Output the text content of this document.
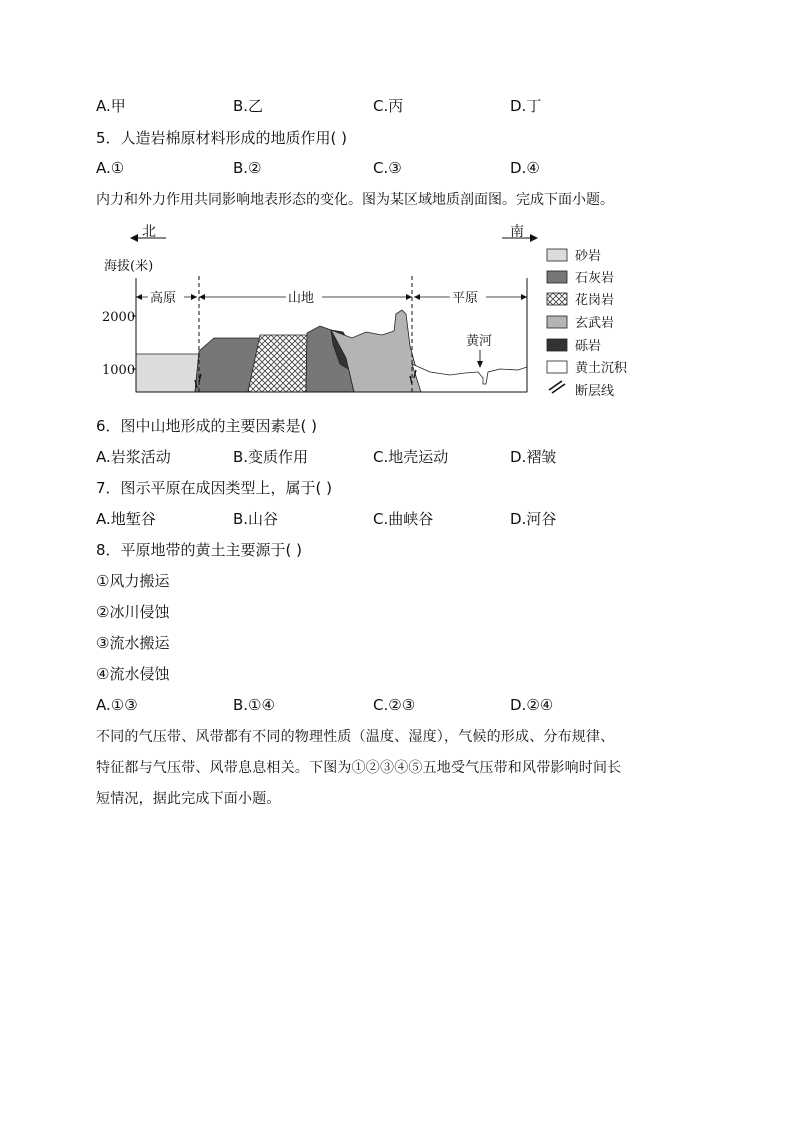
A.甲	B.乙	C.丙	D.丁
5．人造岩棉原材料形成的地质作用( )
A.①	B.②	C.③	D.④
内力和外力作用共同影响地表形态的变化。图为某区域地质剖面图。完成下面小题。
北	南
海拔(米)
高原	山地	平原
2000
1000
黄河
砂岩
石灰岩
花岗岩
玄武岩
砾岩
黄土沉积
断层线
6．图中山地形成的主要因素是( )
A.岩浆活动	B.变质作用	C.地壳运动	D.褶皱
7．图示平原在成因类型上，属于( )
A.地堑谷	B.山谷	C.曲峡谷	D.河谷
8．平原地带的黄土主要源于( )
①风力搬运
②冰川侵蚀
③流水搬运
④流水侵蚀
A.①③	B.①④	C.②③	D.②④
不同的气压带、风带都有不同的物理性质（温度、湿度），气候的形成、分布规律、
特征都与气压带、风带息息相关。下图为①②③④⑤五地受气压带和风带影响时间长
短情况，据此完成下面小题。
